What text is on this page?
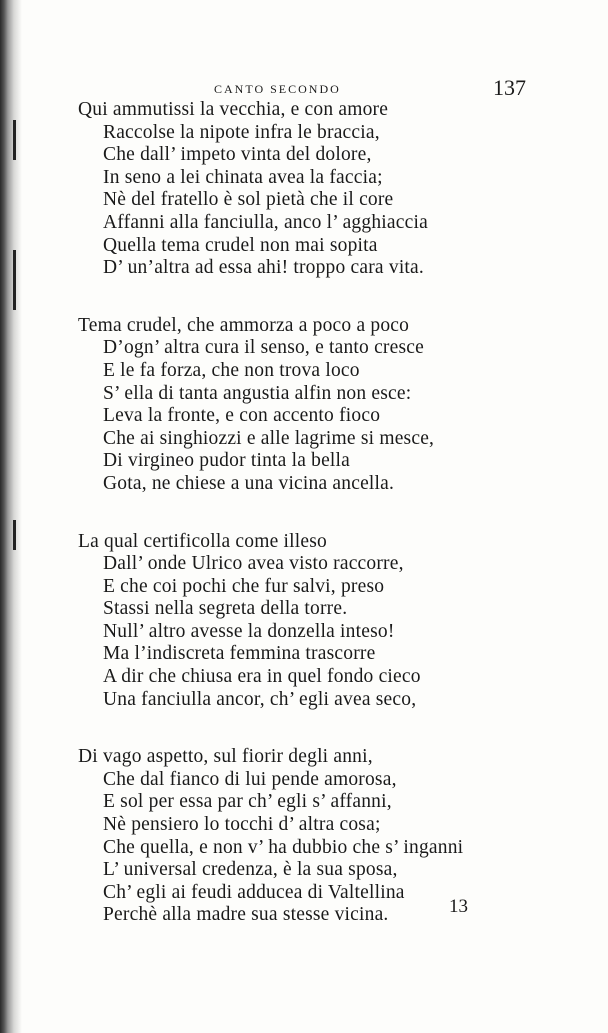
CANTO SECONDO	137
Qui ammutissi la vecchia, e con amore
Raccolse la nipote infra le braccia,
Che dall’ impeto vinta del dolore,
In seno a lei chinata avea la faccia;
Nè del fratello è sol pietà che il core
Affanni alla fanciulla, anco l’ agghiaccia
Quella tema crudel non mai sopita
D’ un’altra ad essa ahi! troppo cara vita.
Tema crudel, che ammorza a poco a poco
D’ogn’ altra cura il senso, e tanto cresce
E le fa forza, che non trova loco
S’ ella di tanta angustia alfin non esce:
Leva la fronte, e con accento fioco
Che ai singhiozzi e alle lagrime si mesce,
Di virgineo pudor tinta la bella
Gota, ne chiese a una vicina ancella.
La qual certificolla come illeso
Dall’ onde Ulrico avea visto raccorre,
E che coi pochi che fur salvi, preso
Stassi nella segreta della torre.
Null’ altro avesse la donzella inteso!
Ma l’indiscreta femmina trascorre
A dir che chiusa era in quel fondo cieco
Una fanciulla ancor, ch’ egli avea seco,
Di vago aspetto, sul fiorir degli anni,
Che dal fianco di lui pende amorosa,
E sol per essa par ch’ egli s’ affanni,
Nè pensiero lo tocchi d’ altra cosa;
Che quella, e non v’ ha dubbio che s’ inganni
L’ universal credenza, è la sua sposa,
Ch’ egli ai feudi adducea di Valtellina
Perchè alla madre sua stesse vicina.	13
